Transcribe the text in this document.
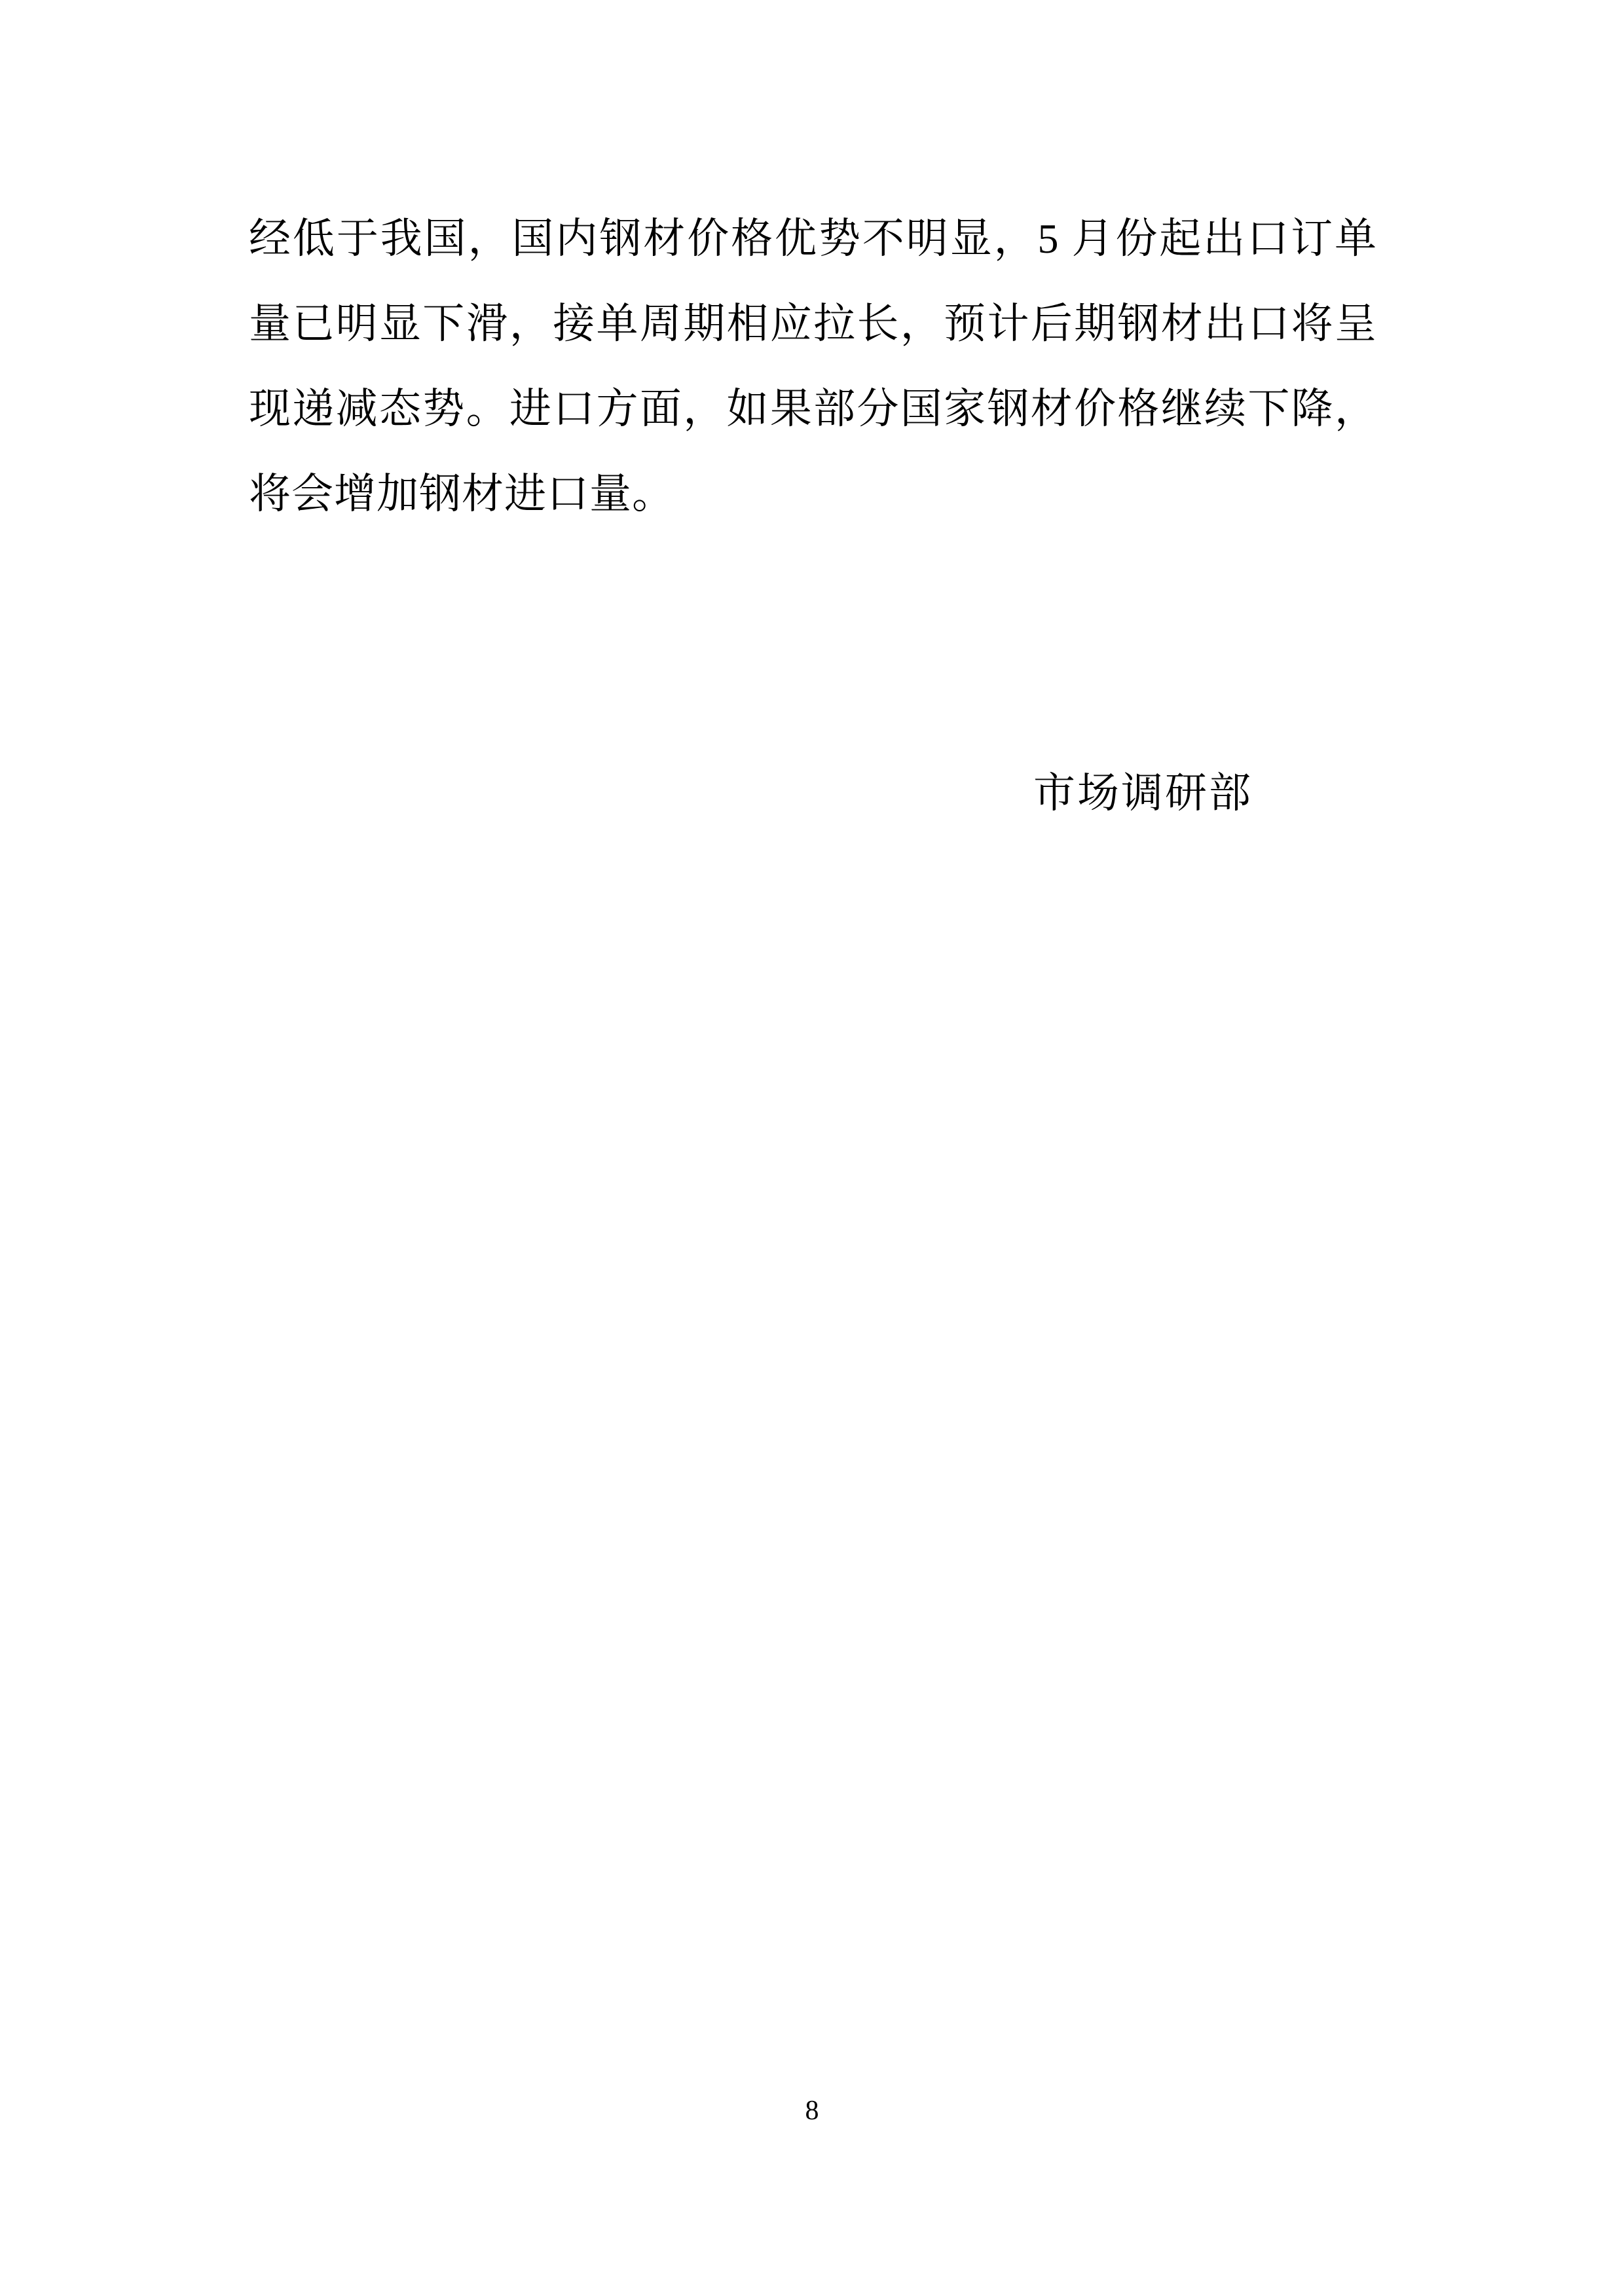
经低于我国，国内钢材价格优势不明显，5 月份起出口订单
量已明显下滑，接单周期相应拉长，预计后期钢材出口将呈
现递减态势。进口方面，如果部分国家钢材价格继续下降，
将会增加钢材进口量。
市场调研部
8
